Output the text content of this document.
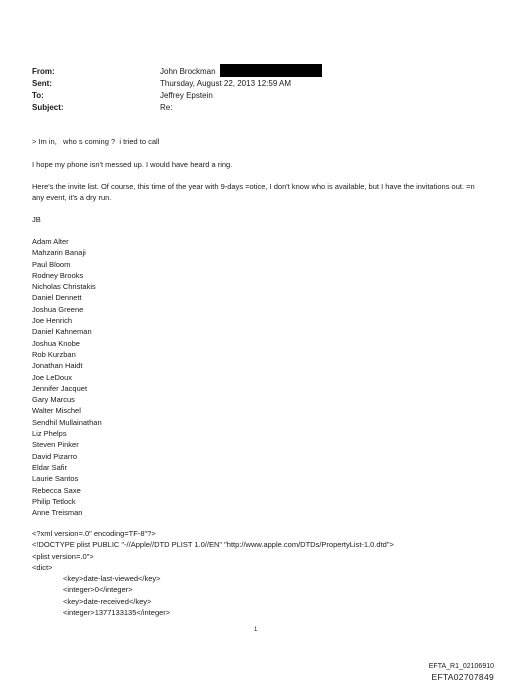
From:	John Brockman
Sent:	Thursday, August 22, 2013 12:59 AM
To:	Jeffrey Epstein
Subject:	Re:
> Im in,   who s coming ?  i tried to call
I hope my phone isn't messed up. I would have heard a ring.
Here's the invite list. Of course, this time of the year with 9-days =otice, I don't know who is available, but I have the invitations out. =n any event, it's a dry run.
JB
Adam Alter
Mahzarin Banaji
Paul Bloom
Rodney Brooks
Nicholas Christakis
Daniel Dennett
Joshua Greene
Joe Henrich
Daniel Kahneman
Joshua Knobe
Rob Kurzban
Jonathan Haidt
Joe LeDoux
Jennifer Jacquet
Gary Marcus
Walter Mischel
Sendhil Mullainathan
Liz Phelps
Steven Pinker
David Pizarro
Eldar Safir
Laurie Santos
Rebecca Saxe
Philip Tetlock
Anne Treisman
<?xml version=.0" encoding=TF-8"?>
<!DOCTYPE plist PUBLIC "-//Apple//DTD PLIST 1.0//EN" "http://www.apple.com/DTDs/PropertyList-1.0.dtd">
<plist version=.0">
<dict>
<key>date-last-viewed</key>
<integer>0</integer>
<key>date-received</key>
<integer>1377133135</integer>
1
EFTA_R1_02106910
EFTA02707849
